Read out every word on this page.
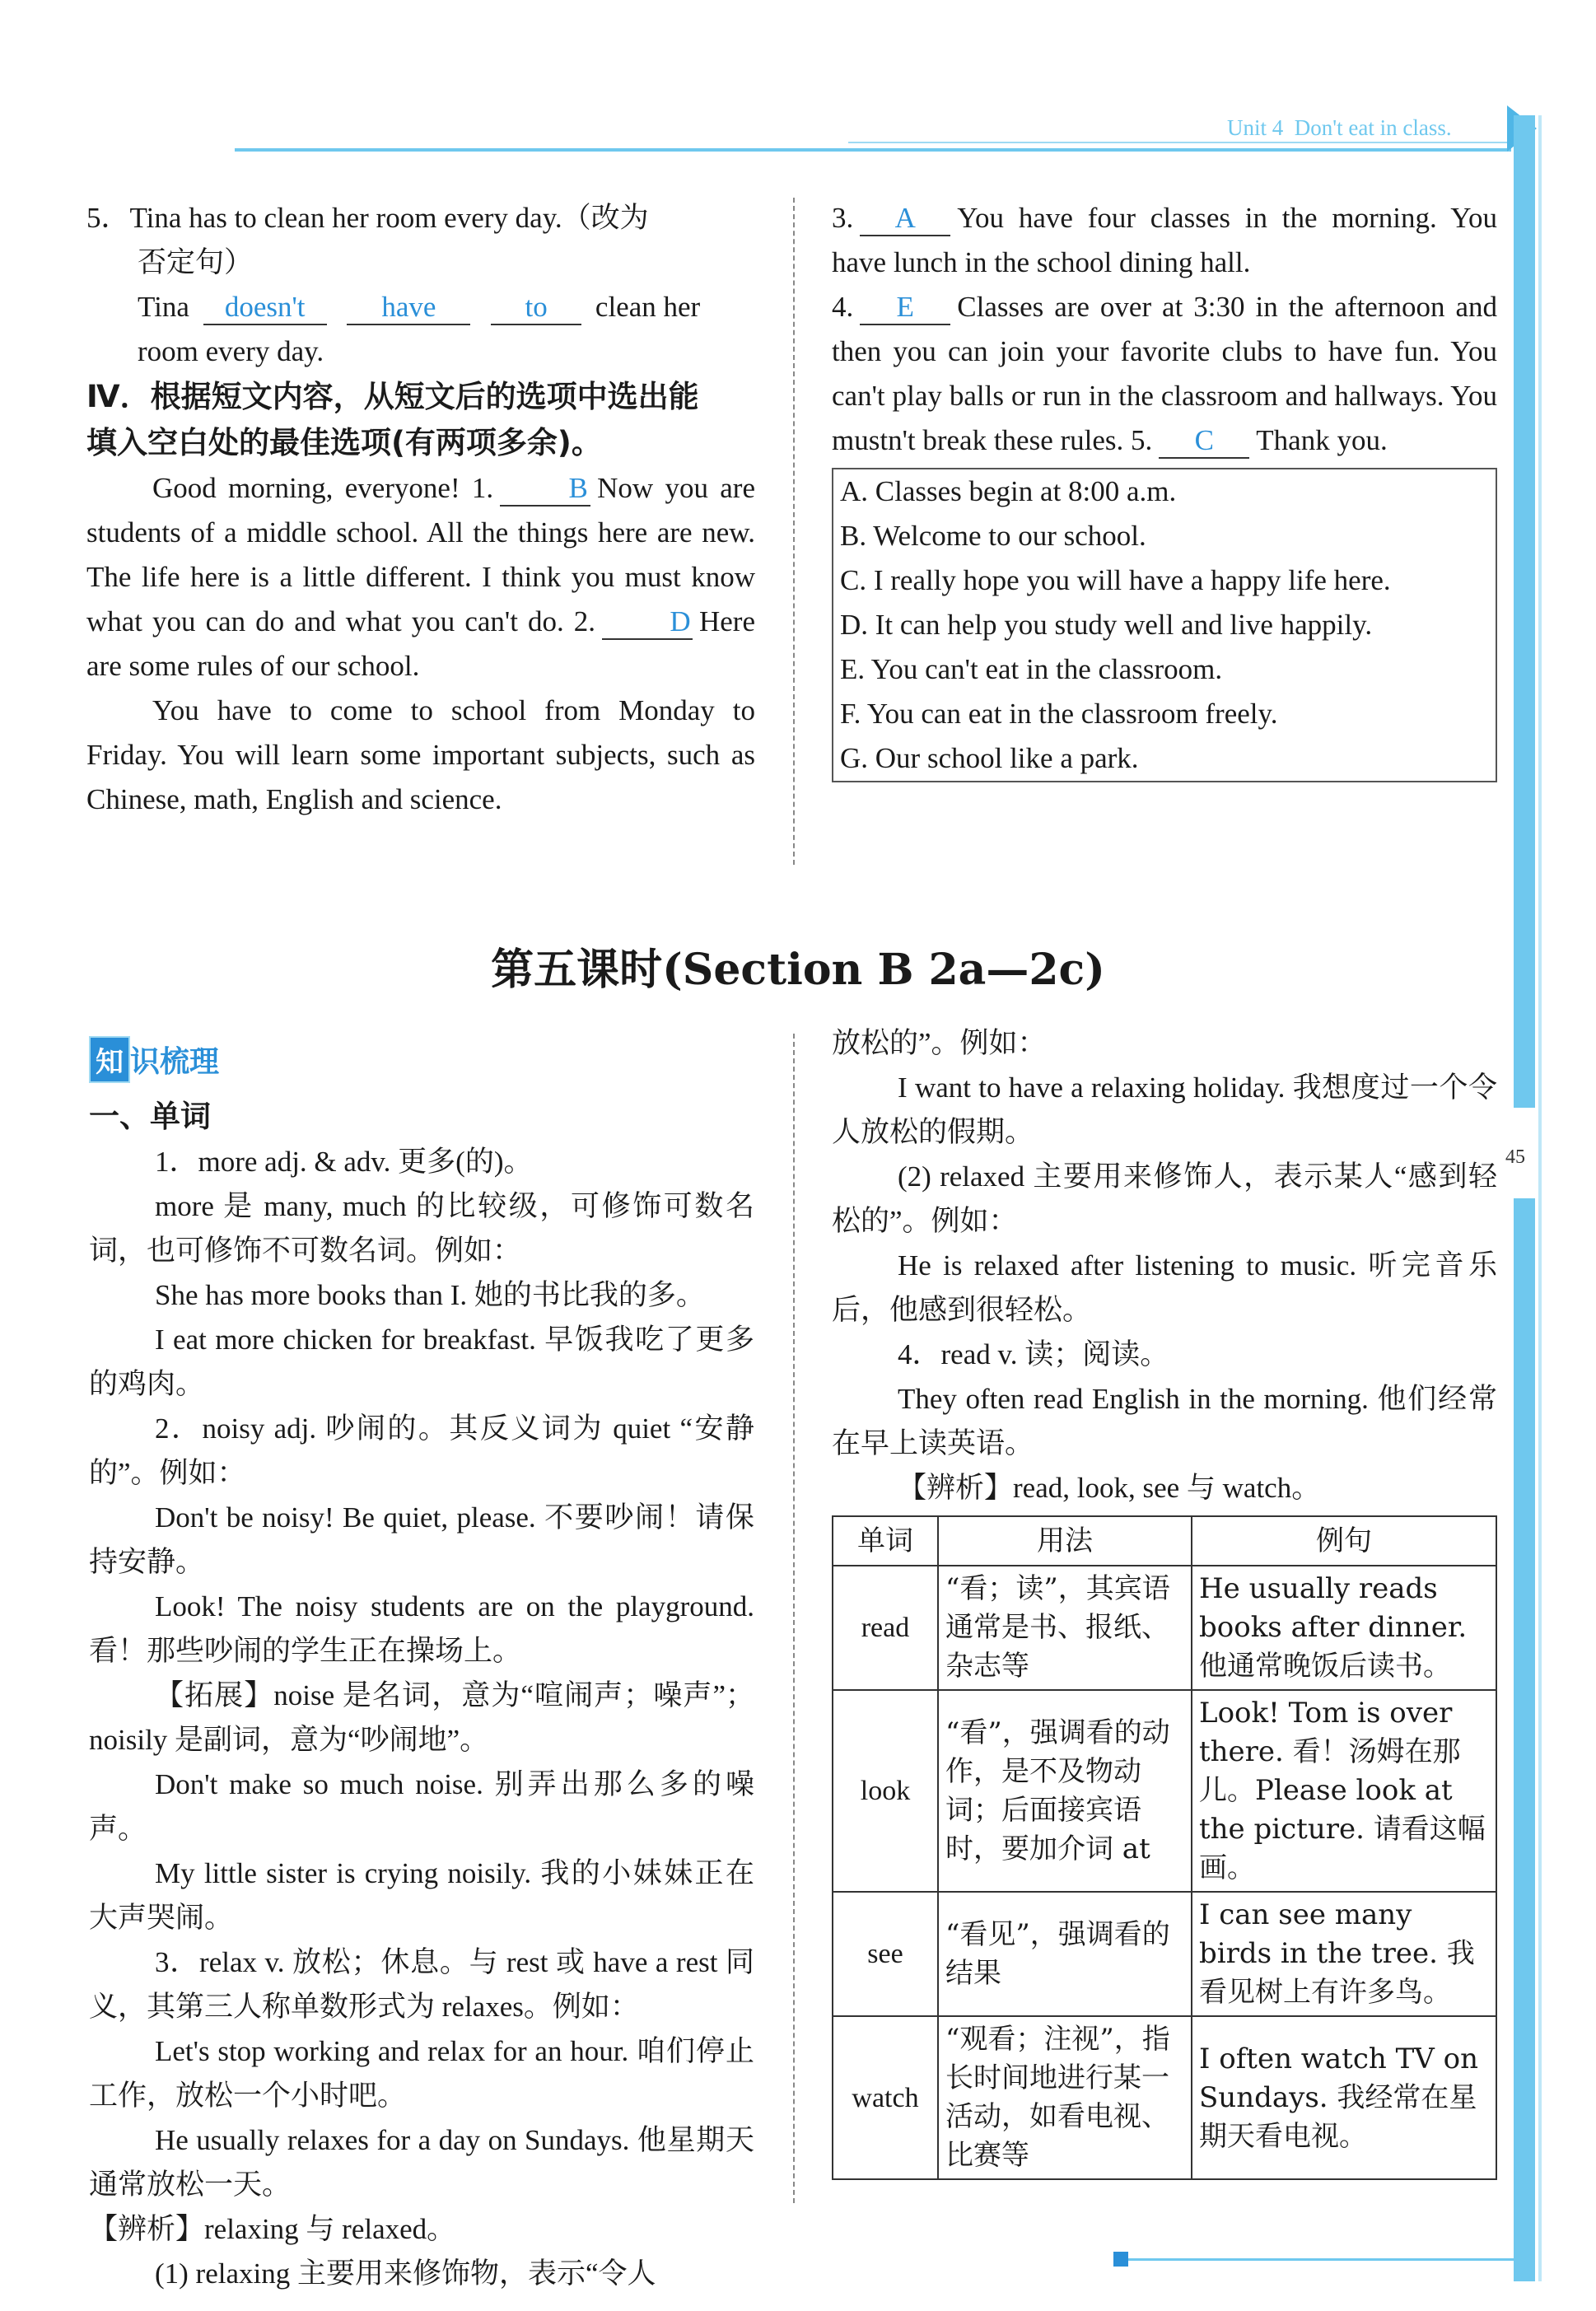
Unit 4 Don't eat in class.
45

5．Tina has to clean her room every day.（改为

否定句）

Tina doesn't	have	to clean her

room every day.

Ⅳ．根据短文内容，从短文后的选项中选出能
填入空白处的最佳选项(有两项多余)。

Good morning, everyone! 1.	B Now you are students of a middle school. All the things here are new. The life here is a little different. I think you must know what you can do and what you can't do. 2.	D Here are some rules of our school.

You have to come to school from Monday to Friday. You will learn some important subjects, such as Chinese, math, English and science.

3. A You have four classes in the morning. You have lunch in the school dining hall.

4. E Classes are over at 3:30 in the afternoon and then you can join your favorite clubs to have fun. You can't play balls or run in the classroom and hallways. You mustn't break these rules. 5. C Thank you.

A. Classes begin at 8:00 a.m.
B. Welcome to our school.
C. I really hope you will have a happy life here.
D. It can help you study well and live happily.
E. You can't eat in the classroom.
F. You can eat in the classroom freely.
G. Our school like a park.
第五课时(Section B 2a—2c)
知 识梳理
一、单词

1．more adj. & adv. 更多(的)。

more 是 many, much 的比较级，可修饰可数名词，也可修饰不可数名词。例如：

She has more books than I. 她的书比我的多。

I eat more chicken for breakfast. 早饭我吃了更多的鸡肉。

2．noisy adj. 吵闹的。其反义词为 quiet “安静的”。例如：

Don't be noisy! Be quiet, please. 不要吵闹！请保持安静。

Look! The noisy students are on the playground. 看！那些吵闹的学生正在操场上。

【拓展】noise 是名词，意为“喧闹声；噪声”；noisily 是副词，意为“吵闹地”。

Don't make so much noise. 别弄出那么多的噪声。

My little sister is crying noisily. 我的小妹妹正在大声哭闹。

3．relax v. 放松；休息。与 rest 或 have a rest 同义，其第三人称单数形式为 relaxes。例如：

Let's stop working and relax for an hour. 咱们停止工作，放松一个小时吧。

He usually relaxes for a day on Sundays. 他星期天通常放松一天。

【辨析】relaxing 与 relaxed。

(1) relaxing 主要用来修饰物，表示“令人

放松的”。例如：

I want to have a relaxing holiday. 我想度过一个令人放松的假期。

(2) relaxed 主要用来修饰人，表示某人“感到轻松的”。例如：

He is relaxed after listening to music. 听完音乐后，他感到很轻松。

4．read v. 读；阅读。

They often read English in the morning. 他们经常在早上读英语。

【辨析】read, look, see 与 watch。

单词	用法	例句
read	“看；读”，其宾语通常是书、报纸、杂志等	He usually reads books after dinner. 他通常晚饭后读书。
look	“看”，强调看的动作，是不及物动词；后面接宾语时，要加介词 at	Look! Tom is over there. 看！汤姆在那儿。Please look at the picture. 请看这幅画。
see	“看见”，强调看的结果	I can see many birds in the tree. 我看见树上有许多鸟。
watch	“观看；注视”，指长时间地进行某一活动，如看电视、比赛等	I often watch TV on Sundays. 我经常在星期天看电视。
